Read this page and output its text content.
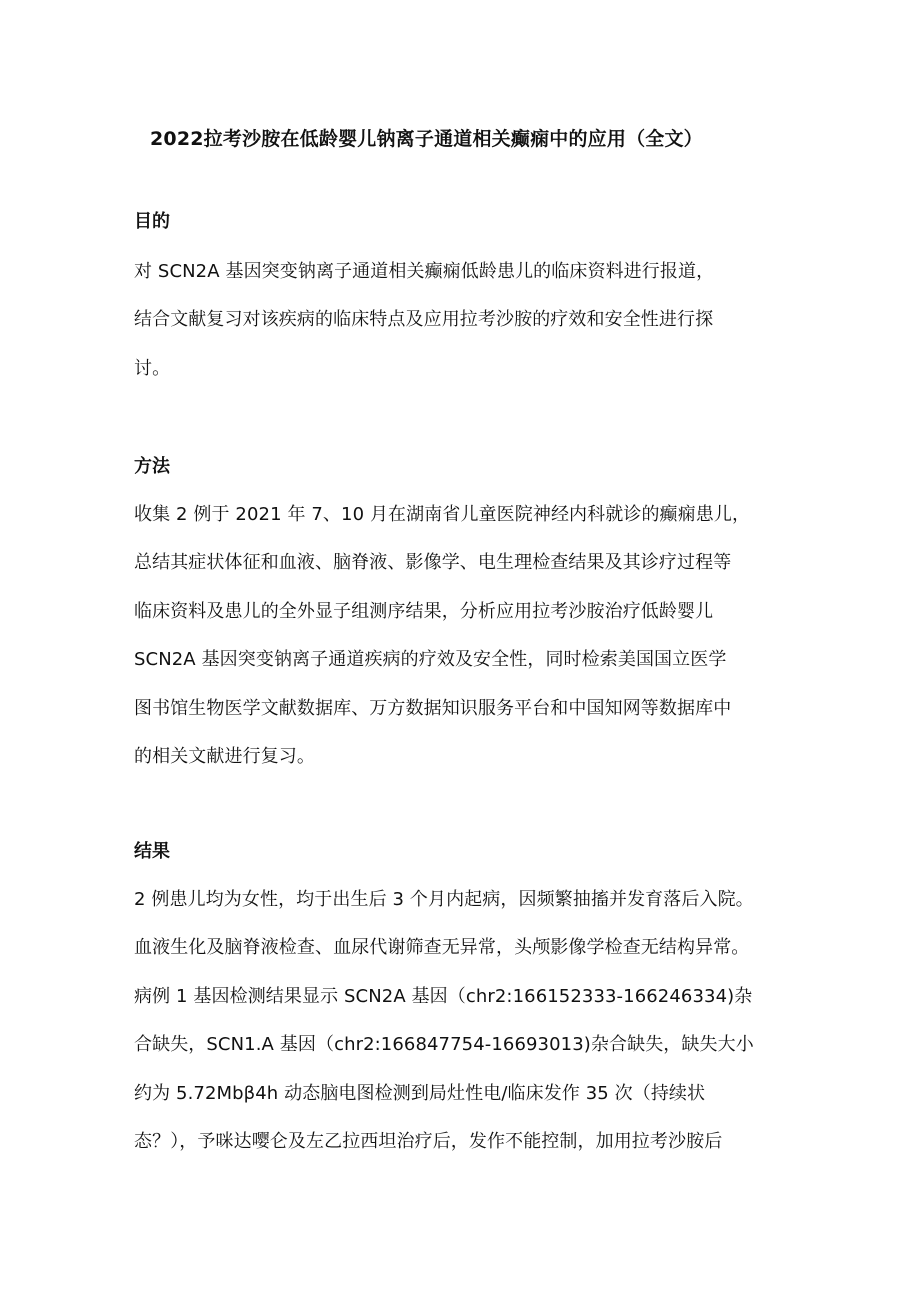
2022拉考沙胺在低龄婴儿钠离子通道相关癫痫中的应用（全文）
目的
对 SCN2A 基因突变钠离子通道相关癫痫低龄患儿的临床资料进行报道，
结合文献复习对该疾病的临床特点及应用拉考沙胺的疗效和安全性进行探
讨。
方法
收集 2 例于 2021 年 7、10 月在湖南省儿童医院神经内科就诊的癫痫患儿，
总结其症状体征和血液、脑脊液、影像学、电生理检查结果及其诊疗过程等
临床资料及患儿的全外显子组测序结果，分析应用拉考沙胺治疗低龄婴儿
SCN2A 基因突变钠离子通道疾病的疗效及安全性，同时检索美国国立医学
图书馆生物医学文献数据库、万方数据知识服务平台和中国知网等数据库中
的相关文献进行复习。
结果
2 例患儿均为女性，均于出生后 3 个月内起病，因频繁抽搐并发育落后入院。
血液生化及脑脊液检查、血尿代谢筛查无异常，头颅影像学检查无结构异常。
病例 1 基因检测结果显示 SCN2A 基因（chr2:166152333-166246334)杂
合缺失，SCN1.A 基因（chr2:166847754-16693013)杂合缺失，缺失大小
约为 5.72Mbβ4h 动态脑电图检测到局灶性电/临床发作 35 次（持续状
态？），予咪达嘤仑及左乙拉西坦治疗后，发作不能控制，加用拉考沙胺后
